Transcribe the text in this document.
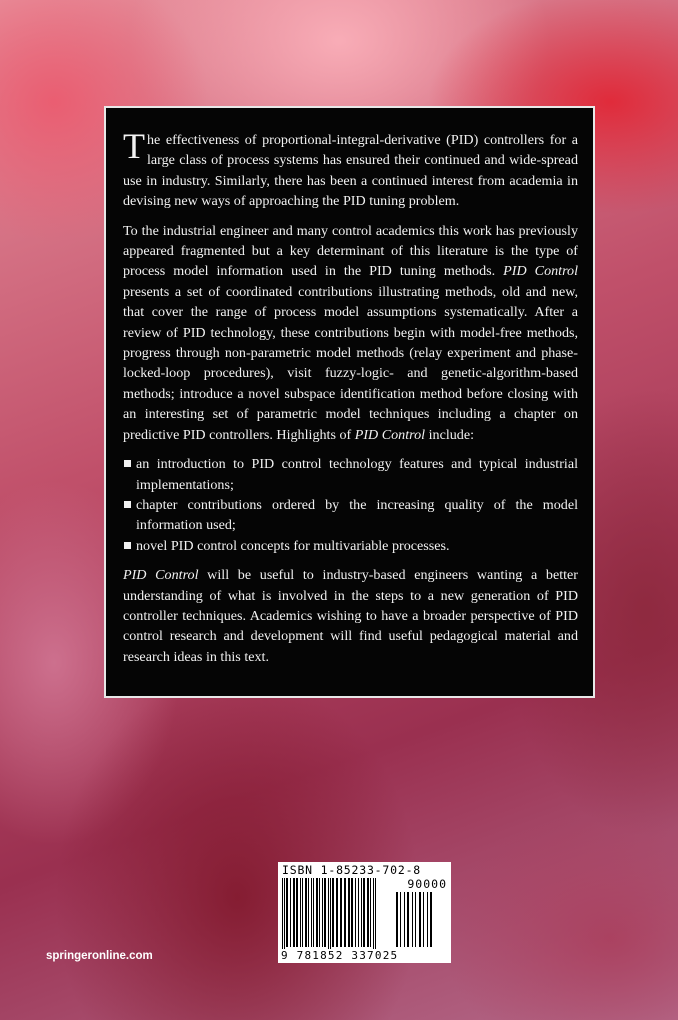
The effectiveness of proportional-integral-derivative (PID) controllers for a large class of process systems has ensured their continued and wide-spread use in industry. Similarly, there has been a continued interest from academia in devising new ways of approaching the PID tuning problem.

To the industrial engineer and many control academics this work has previously appeared fragmented but a key determinant of this literature is the type of process model information used in the PID tuning methods. PID Control presents a set of coordinated contributions illustrating methods, old and new, that cover the range of process model assumptions systematically. After a review of PID technology, these contributions begin with model-free methods, progress through non-parametric model methods (relay experiment and phase-locked-loop procedures), visit fuzzy-logic- and genetic-algorithm-based methods; introduce a novel subspace identification method before closing with an interesting set of parametric model techniques including a chapter on predictive PID controllers. Highlights of PID Control include:

an introduction to PID control technology features and typical industrial implementations;
chapter contributions ordered by the increasing quality of the model information used;
novel PID control concepts for multivariable processes.

PID Control will be useful to industry-based engineers wanting a better understanding of what is involved in the steps to a new generation of PID controller techniques. Academics wishing to have a broader perspective of PID control research and development will find useful pedagogical material and research ideas in this text.

springeronline.com
ISBN 1-85233-702-8
90000
9 781852 337025
